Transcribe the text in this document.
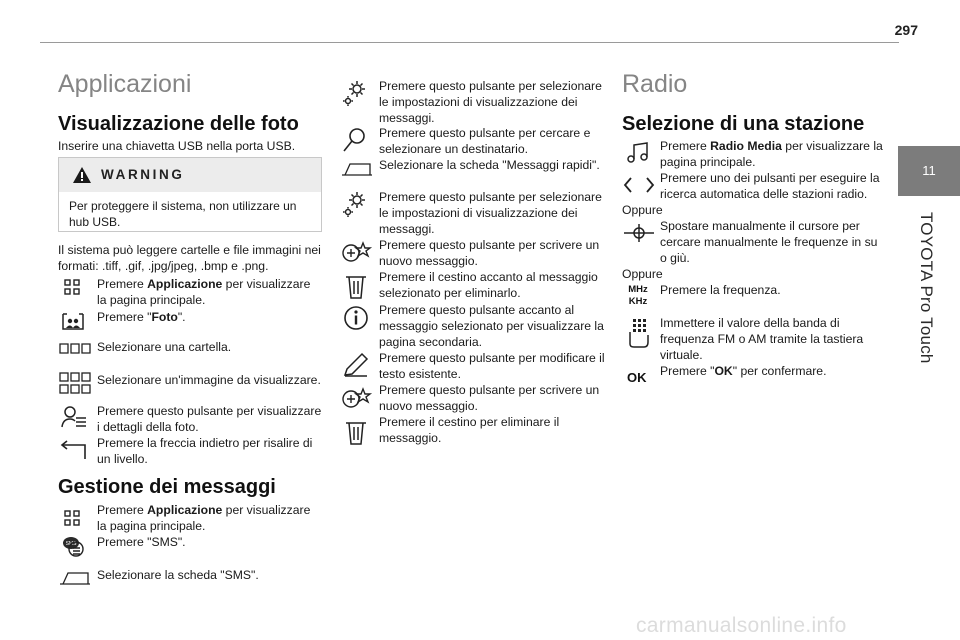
297
11
TOYOTA Pro Touch
Applicazioni
Visualizzazione delle foto
Inserire una chiavetta USB nella porta USB.
WARNING
Per proteggere il sistema, non utilizzare un hub USB.
Il sistema può leggere cartelle e file immagini nei formati: .tiff, .gif, .jpg/jpeg, .bmp e .png.
Premere Applicazione per visualizzare la pagina principale.
Premere "Foto".
Selezionare una cartella.
Selezionare un'immagine da visualizzare.
Premere questo pulsante per visualizzare i dettagli della foto.
Premere la freccia indietro per risalire di un livello.
Gestione dei messaggi
Premere Applicazione per visualizzare la pagina principale.
SMS Premere "SMS".
Selezionare la scheda "SMS".
Premere questo pulsante per selezionare le impostazioni di visualizzazione dei messaggi.
Premere questo pulsante per cercare e selezionare un destinatario.
Selezionare la scheda "Messaggi rapidi".
Premere questo pulsante per selezionare le impostazioni di visualizzazione dei messaggi.
Premere questo pulsante per scrivere un nuovo messaggio.
Premere il cestino accanto al messaggio selezionato per eliminarlo.
Premere questo pulsante accanto al messaggio selezionato per visualizzare la pagina secondaria.
Premere questo pulsante per modificare il testo esistente.
Premere questo pulsante per scrivere un nuovo messaggio.
Premere il cestino per eliminare il messaggio.
Radio
Selezione di una stazione
Premere Radio Media per visualizzare la pagina principale.
Premere uno dei pulsanti per eseguire la ricerca automatica delle stazioni radio.
Oppure
Spostare manualmente il cursore per cercare manualmente le frequenze in su o giù.
Oppure
MHz
KHz
Premere la frequenza.
Immettere il valore della banda di frequenza FM o AM tramite la tastiera virtuale.
OK Premere "OK" per confermare.
carmanualsonline.info
